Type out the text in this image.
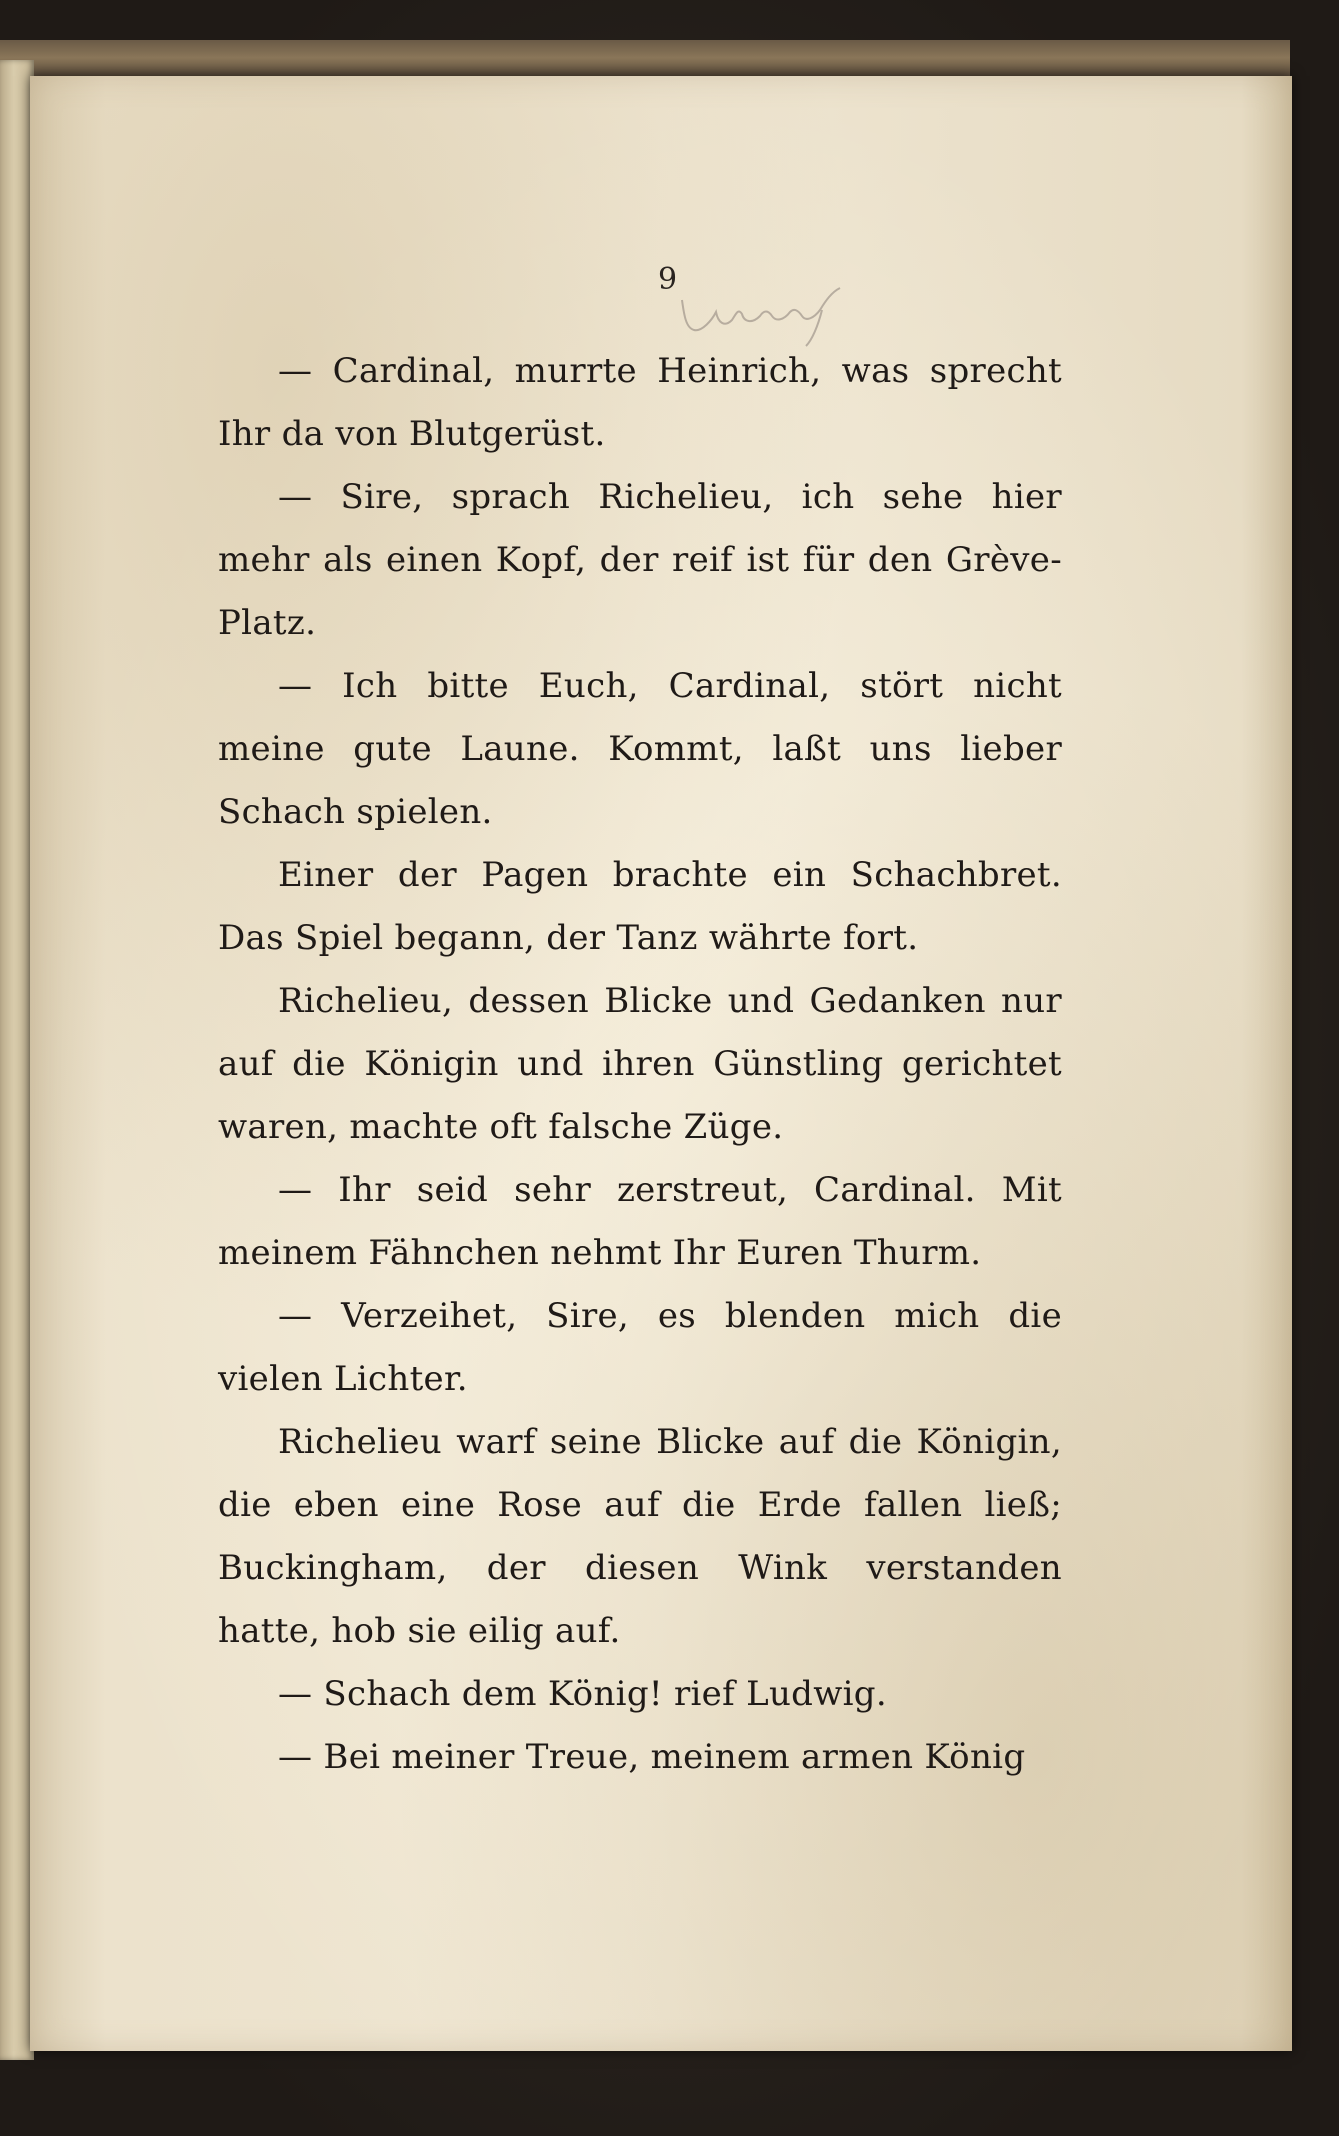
9

— Cardinal, murrte Heinrich, was sprecht Ihr da von Blutgerüst.

— Sire, sprach Richelieu, ich sehe hier mehr als einen Kopf, der reif ist für den Grève-Platz.

— Ich bitte Euch, Cardinal, stört nicht meine gute Laune. Kommt, laßt uns lieber Schach spielen.

Einer der Pagen brachte ein Schachbret. Das Spiel begann, der Tanz währte fort.

Richelieu, dessen Blicke und Gedanken nur auf die Königin und ihren Günstling gerichtet waren, machte oft falsche Züge.

— Ihr seid sehr zerstreut, Cardinal. Mit meinem Fähnchen nehmt Ihr Euren Thurm.

— Verzeihet, Sire, es blenden mich die vielen Lichter.

Richelieu warf seine Blicke auf die Königin, die eben eine Rose auf die Erde fallen ließ; Buckingham, der diesen Wink verstanden hatte, hob sie eilig auf.

— Schach dem König! rief Ludwig.

— Bei meiner Treue, meinem armen König
